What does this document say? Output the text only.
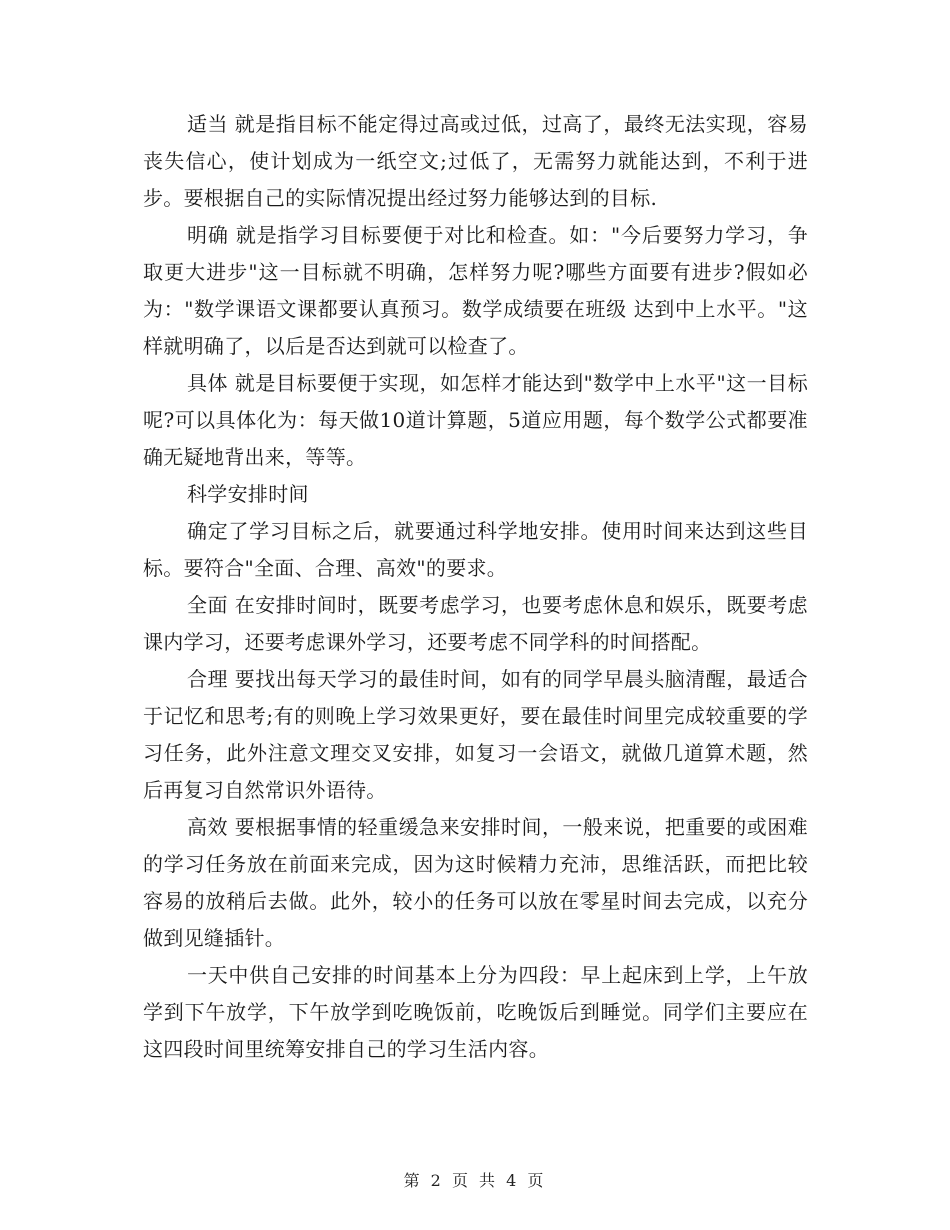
适当 就是指目标不能定得过高或过低，过高了，最终无法实现，容易丧失信心，使计划成为一纸空文;过低了，无需努力就能达到，不利于进步。要根据自己的实际情况提出经过努力能够达到的目标.

明确 就是指学习目标要便于对比和检查。如："今后要努力学习，争取更大进步"这一目标就不明确，怎样努力呢?哪些方面要有进步?假如必为："数学课语文课都要认真预习。数学成绩要在班级 达到中上水平。"这样就明确了，以后是否达到就可以检查了。

具体 就是目标要便于实现，如怎样才能达到"数学中上水平"这一目标呢?可以具体化为：每天做10道计算题，5道应用题，每个数学公式都要准确无疑地背出来，等等。

科学安排时间

确定了学习目标之后，就要通过科学地安排。使用时间来达到这些目标。要符合"全面、合理、高效"的要求。

全面 在安排时间时，既要考虑学习，也要考虑休息和娱乐，既要考虑课内学习，还要考虑课外学习，还要考虑不同学科的时间搭配。

合理 要找出每天学习的最佳时间，如有的同学早晨头脑清醒，最适合于记忆和思考;有的则晚上学习效果更好，要在最佳时间里完成较重要的学习任务，此外注意文理交叉安排，如复习一会语文，就做几道算术题，然后再复习自然常识外语待。

高效 要根据事情的轻重缓急来安排时间，一般来说，把重要的或困难的学习任务放在前面来完成，因为这时候精力充沛，思维活跃，而把比较容易的放稍后去做。此外，较小的任务可以放在零星时间去完成，以充分做到见缝插针。

一天中供自己安排的时间基本上分为四段：早上起床到上学，上午放学到下午放学，下午放学到吃晚饭前，吃晚饭后到睡觉。同学们主要应在这四段时间里统筹安排自己的学习生活内容。

第 2 页 共 4 页
